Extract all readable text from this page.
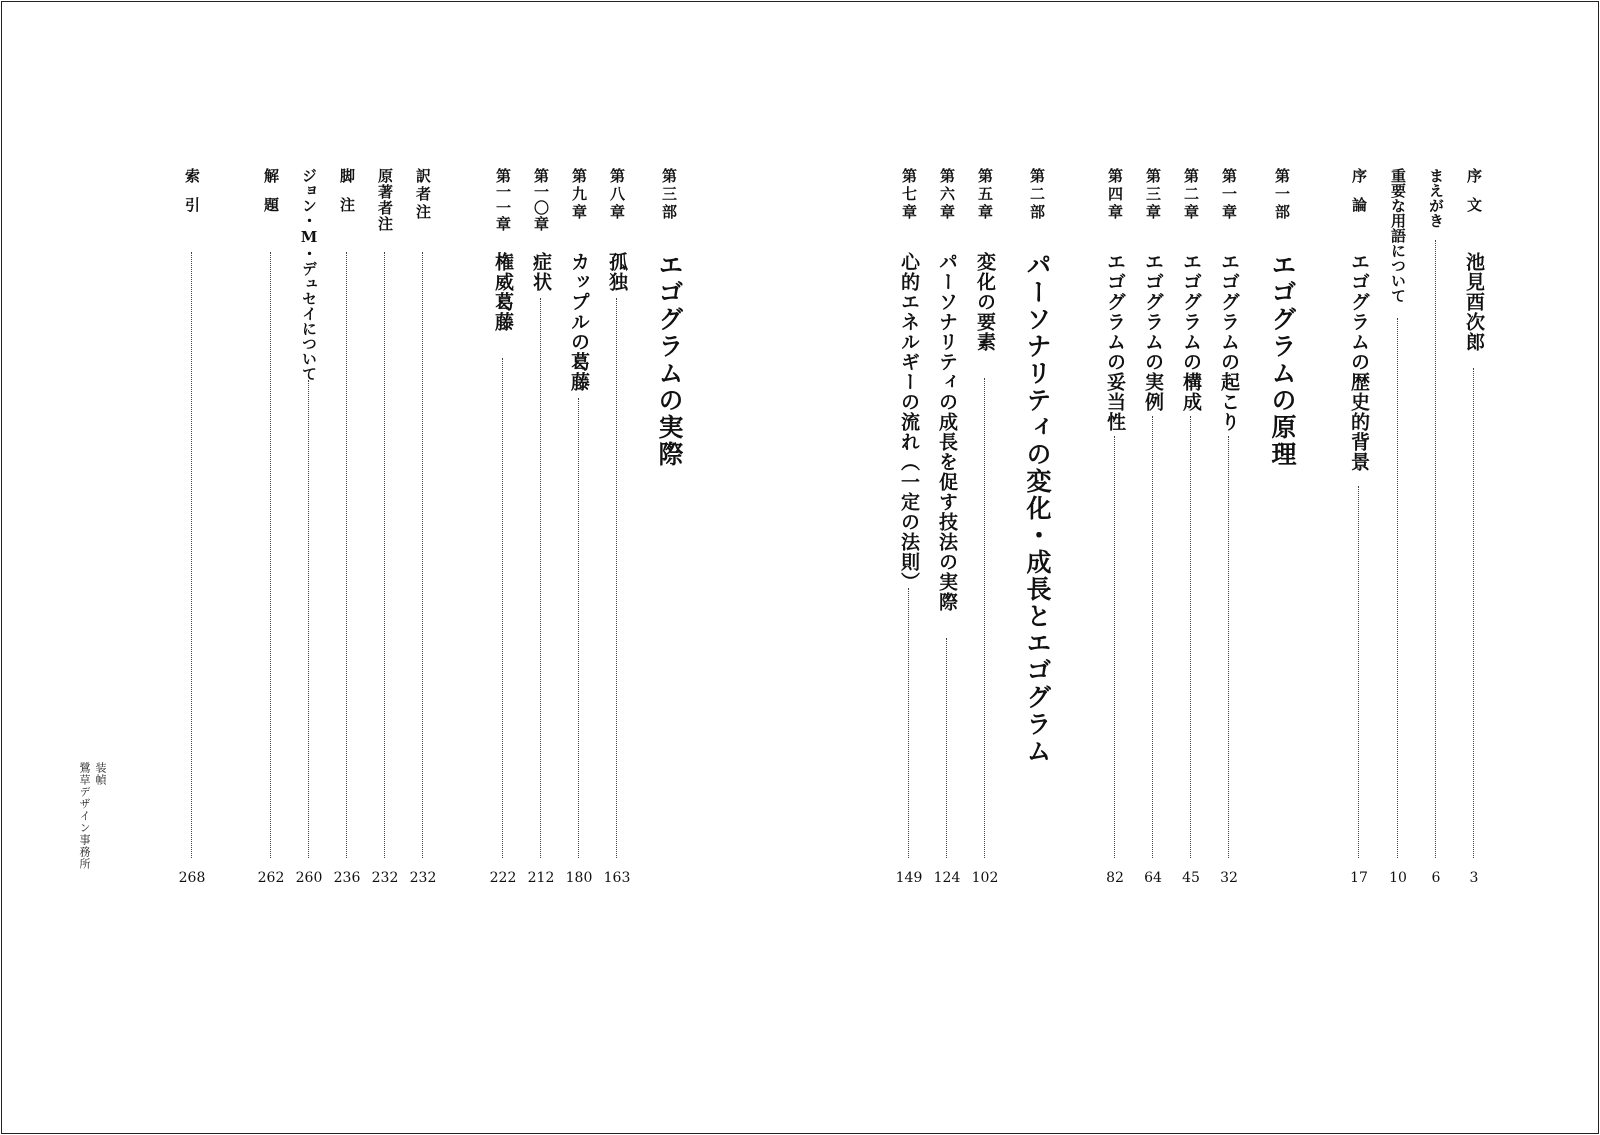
序文
池見酉次郎
3
まえがき
6
重要な用語について
10
序論
エゴグラムの歴史的背景
17
第一部
エゴグラムの原理
第一章
エゴグラムの起こり
32
第二章
エゴグラムの構成
45
第三章
エゴグラムの実例
64
第四章
エゴグラムの妥当性
82
第二部
パーソナリティの変化・成長とエゴグラム
第五章
変化の要素
102
第六章
パーソナリティの成長を促す技法の実際
124
第七章
心的エネルギーの流れ（一定の法則）
149
第三部
エゴグラムの実際
第八章
孤独
163
第九章
カップルの葛藤
180
第一〇章
症状
212
第一一章
権威葛藤
222
訳者注
232
原著者注
232
脚注
236
ジョン・M・デュセイについて
260
解題
262
索引
268
装幀
鷺草デザイン事務所
